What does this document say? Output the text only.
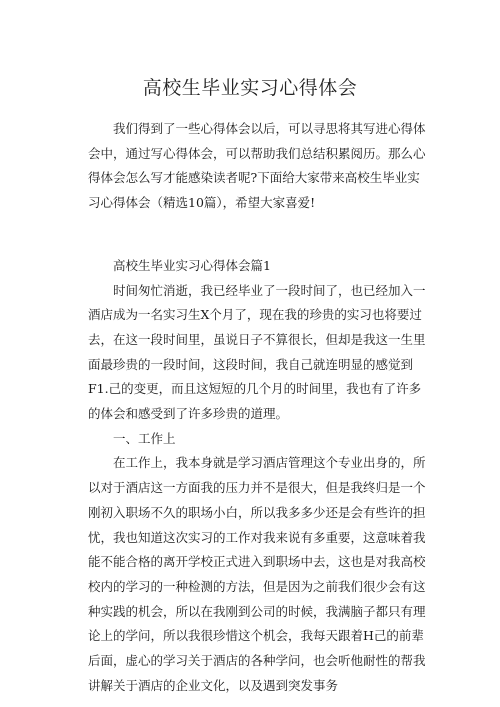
高校生毕业实习心得体会

我们得到了一些心得体会以后，可以寻思将其写进心得体会中，通过写心得体会，可以帮助我们总结积累阅历。那么心得体会怎么写才能感染读者呢?下面给大家带来高校生毕业实习心得体会（精选10篇），希望大家喜爱!

高校生毕业实习心得体会篇1

时间匆忙消逝，我已经毕业了一段时间了，也已经加入一酒店成为一名实习生X个月了，现在我的珍贵的实习也将要过去，在这一段时间里，虽说日子不算很长，但却是我这一生里面最珍贵的一段时间，这段时间，我自己就连明显的感觉到F1.己的变更，而且这短短的几个月的时间里，我也有了许多的体会和感受到了许多珍贵的道理。

一、工作上

在工作上，我本身就是学习酒店管理这个专业出身的，所以对于酒店这一方面我的压力并不是很大，但是我终归是一个刚初入职场不久的职场小白，所以我多多少还是会有些许的担忧，我也知道这次实习的工作对我来说有多重要，这意味着我能不能合格的离开学校正式进入到职场中去，这也是对我高校校内的学习的一种检测的方法，但是因为之前我们很少会有这种实践的机会，所以在我刚到公司的时候，我满脑子都只有理论上的学问，所以我很珍惜这个机会，我每天跟着H己的前辈后面，虚心的学习关于酒店的各种学问，也会听他耐性的帮我讲解关于酒店的企业文化，以及遇到突发事务
